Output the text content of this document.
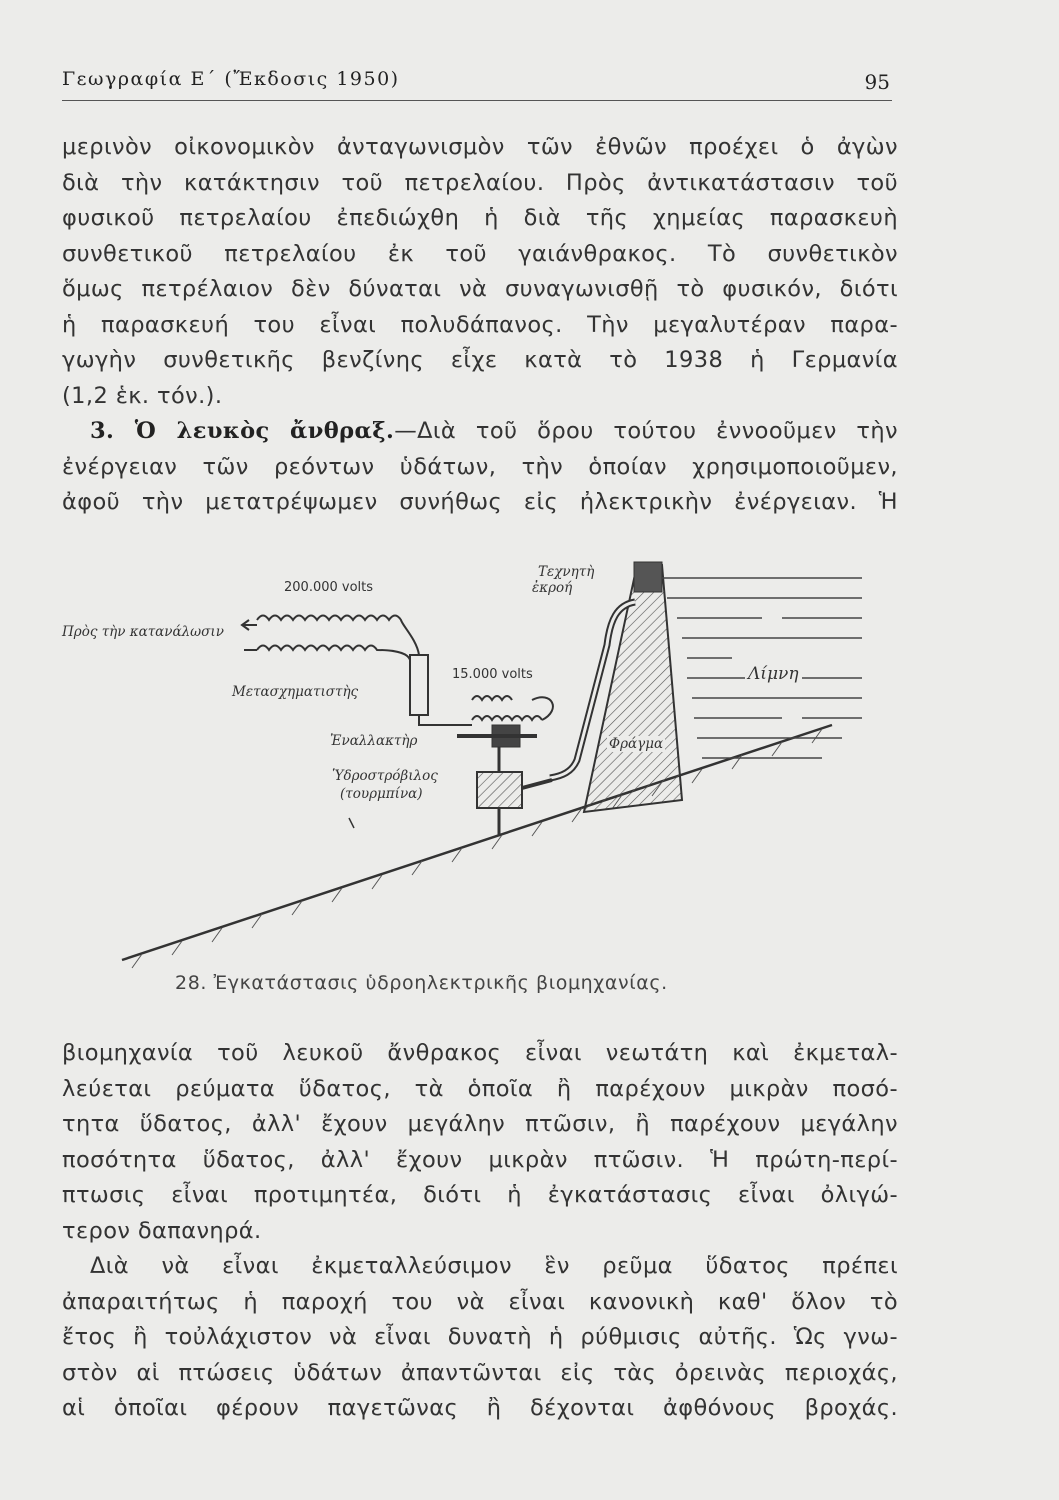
Γεωγραφία Ε΄ (Ἔκδοσις 1950)	95
μερινὸν οἰκονομικὸν ἀνταγωνισμὸν τῶν ἐθνῶν προέχει ὁ ἀγὼν
διὰ τὴν κατάκτησιν τοῦ πετρελαίου. Πρὸς ἀντικατάστασιν τοῦ
φυσικοῦ πετρελαίου ἐπεδιώχθη ἡ διὰ τῆς χημείας παρασκευὴ
συνθετικοῦ πετρελαίου ἐκ τοῦ γαιάνθρακος. Τὸ συνθετικὸν
ὅμως πετρέλαιον δὲν δύναται νὰ συναγωνισθῇ τὸ φυσικόν, διότι
ἡ παρασκευή του εἶναι πολυδάπανος. Τὴν μεγαλυτέραν παρα-
γωγὴν συνθετικῆς βενζίνης εἶχε κατὰ τὸ 1938 ἡ Γερμανία
(1,2 ἑκ. τόν.).
3. Ὁ λευκὸς ἄνθραξ.—Διὰ τοῦ ὅρου τούτου ἐννοοῦμεν τὴν
ἐνέργειαν τῶν ρεόντων ὑδάτων, τὴν ὁποίαν χρησιμοποιοῦμεν,
ἀφοῦ τὴν μετατρέψωμεν συνήθως εἰς ἠλεκτρικὴν ἐνέργειαν. Ἡ
200.000 volts
Πρὸς τὴν κατανάλωσιν
Μετασχηματιστὴς
15.000 volts
Ἐναλλακτὴρ
Ὑδροστρόβιλος
(τουρμπίνα)
Τεχνητὴ
ἐκροή
Λίμνη
Φράγμα
28. Ἐγκατάστασις ὑδροηλεκτρικῆς βιομηχανίας.
βιομηχανία τοῦ λευκοῦ ἄνθρακος εἶναι νεωτάτη καὶ ἐκμεταλ-
λεύεται ρεύματα ὕδατος, τὰ ὁποῖα ἢ παρέχουν μικρὰν ποσό-
τητα ὕδατος, ἀλλ' ἔχουν μεγάλην πτῶσιν, ἢ παρέχουν μεγάλην
ποσότητα ὕδατος, ἀλλ' ἔχουν μικρὰν πτῶσιν. Ἡ πρώτη-περί-
πτωσις εἶναι προτιμητέα, διότι ἡ ἐγκατάστασις εἶναι ὀλιγώ-
τερον δαπανηρά.
Διὰ νὰ εἶναι ἐκμεταλλεύσιμον ἓν ρεῦμα ὕδατος πρέπει
ἀπαραιτήτως ἡ παροχή του νὰ εἶναι κανονικὴ καθ' ὅλον τὸ
ἔτος ἢ τοὐλάχιστον νὰ εἶναι δυνατὴ ἡ ρύθμισις αὐτῆς. Ὡς γνω-
στὸν αἱ πτώσεις ὑδάτων ἀπαντῶνται εἰς τὰς ὀρεινὰς περιοχάς,
αἱ ὁποῖαι φέρουν παγετῶνας ἢ δέχονται ἀφθόνους βροχάς.
